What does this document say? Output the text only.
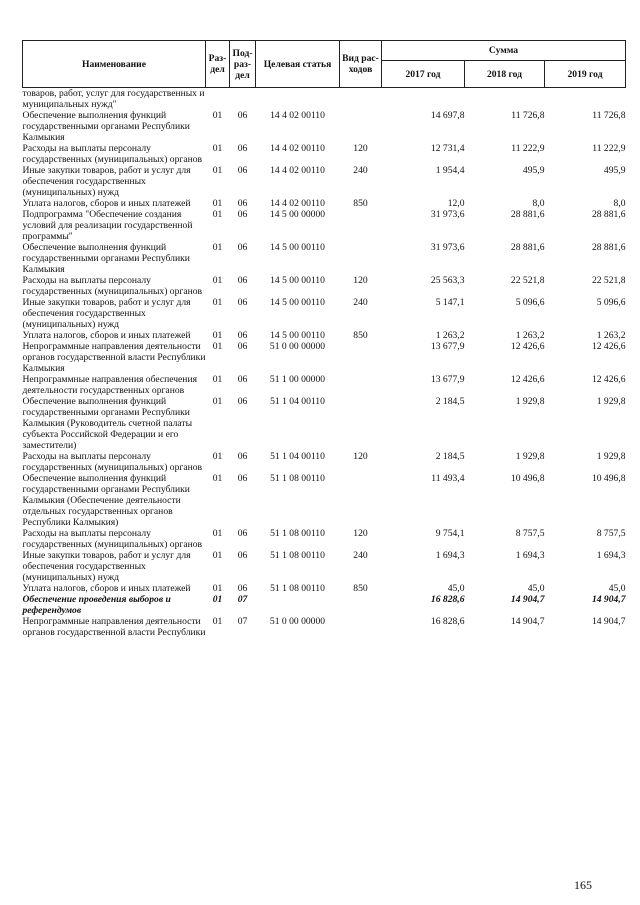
Наименование	Раз-дел	Под-раз-дел	Целевая статья	Вид рас-ходов	Сумма		
					2017 год	2018 год	2019 год
товаров, работ, услуг для государственных и муниципальных нужд"							
Обеспечение выполнения функций государственными органами Республики Калмыкия	01	06	14 4 02 00110		14 697,8	11 726,8	11 726,8
Расходы на выплаты персоналу государственных (муниципальных) органов	01	06	14 4 02 00110	120	12 731,4	11 222,9	11 222,9
Иные закупки товаров, работ и услуг для обеспечения государственных (муниципальных) нужд	01	06	14 4 02 00110	240	1 954,4	495,9	495,9
Уплата налогов, сборов и иных платежей	01	06	14 4 02 00110	850	12,0	8,0	8,0
Подпрограмма "Обеспечение создания условий для реализации государственной программы"	01	06	14 5 00 00000		31 973,6	28 881,6	28 881,6
Обеспечение выполнения функций государственными органами Республики Калмыкия	01	06	14 5 00 00110		31 973,6	28 881,6	28 881,6
Расходы на выплаты персоналу государственных (муниципальных) органов	01	06	14 5 00 00110	120	25 563,3	22 521,8	22 521,8
Иные закупки товаров, работ и услуг для обеспечения государственных (муниципальных) нужд	01	06	14 5 00 00110	240	5 147,1	5 096,6	5 096,6
Уплата налогов, сборов и иных платежей	01	06	14 5 00 00110	850	1 263,2	1 263,2	1 263,2
Непрограммные направления деятельности органов государственной власти Республики Калмыкия	01	06	51 0 00 00000		13 677,9	12 426,6	12 426,6
Непрограммные направления обеспечения деятельности государственных органов	01	06	51 1 00 00000		13 677,9	12 426,6	12 426,6
Обеспечение выполнения функций государственными органами Республики Калмыкия (Руководитель счетной палаты субъекта Российской Федерации и его заместители)	01	06	51 1 04 00110		2 184,5	1 929,8	1 929,8
Расходы на выплаты персоналу государственных (муниципальных) органов	01	06	51 1 04 00110	120	2 184,5	1 929,8	1 929,8
Обеспечение выполнения функций государственными органами Республики Калмыкия (Обеспечение деятельности отдельных государственных органов Республики Калмыкия)	01	06	51 1 08 00110		11 493,4	10 496,8	10 496,8
Расходы на выплаты персоналу государственных (муниципальных) органов	01	06	51 1 08 00110	120	9 754,1	8 757,5	8 757,5
Иные закупки товаров, работ и услуг для обеспечения государственных (муниципальных) нужд	01	06	51 1 08 00110	240	1 694,3	1 694,3	1 694,3
Уплата налогов, сборов и иных платежей	01	06	51 1 08 00110	850	45,0	45,0	45,0
Обеспечение проведения выборов и референдумов	01	07			16 828,6	14 904,7	14 904,7
Непрограммные направления деятельности органов государственной власти Республики	01	07	51 0 00 00000		16 828,6	14 904,7	14 904,7
165
